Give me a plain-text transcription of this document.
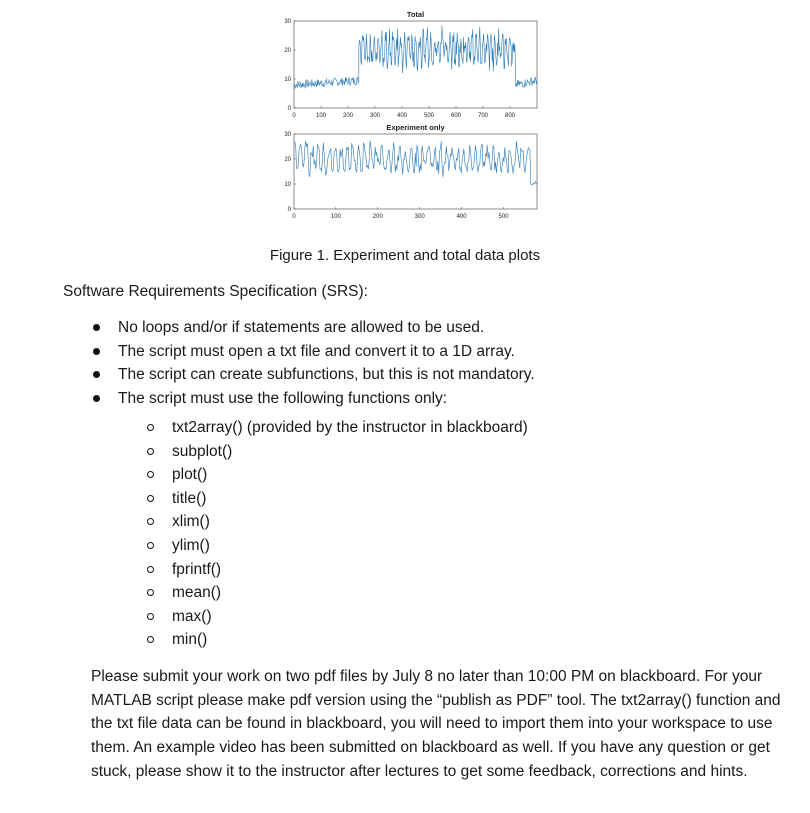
Total
0
10
20
30
0	100	200	300	400	500	600	700	800
Experiment only
0
10
20
30
0	100	200	300	400	500
Figure 1. Experiment and total data plots
Software Requirements Specification (SRS):
No loops and/or if statements are allowed to be used.
The script must open a txt file and convert it to a 1D array.
The script can create subfunctions, but this is not mandatory.
The script must use the following functions only:
txt2array() (provided by the instructor in blackboard)
subplot()
plot()
title()
xlim()
ylim()
fprintf()
mean()
max()
min()
Please submit your work on two pdf files by July 8 no later than 10:00 PM on blackboard. For your MATLAB script please make pdf version using the “publish as PDF” tool. The txt2array() function and the txt file data can be found in blackboard, you will need to import them into your workspace to use them. An example video has been submitted on blackboard as well. If you have any question or get stuck, please show it to the instructor after lectures to get some feedback, corrections and hints.
